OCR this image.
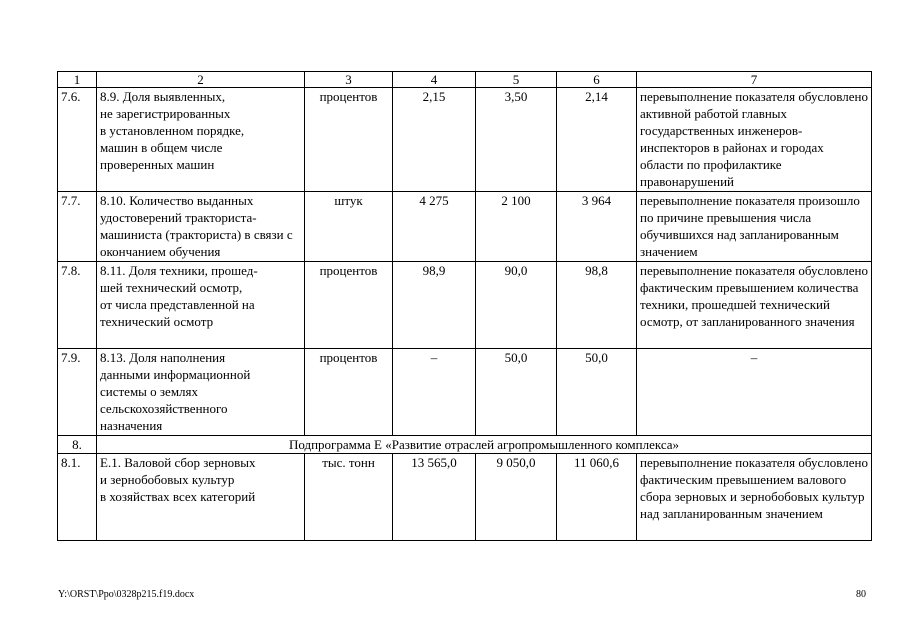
1	2	3	4	5	6	7
7.6.	8.9. Доля выявленных,
не зарегистрированных
в установленном порядке,
машин в общем числе
проверенных машин	процентов	2,15	3,50	2,14	перевыполнение показателя обусловлено активной работой главных государственных инженеров-инспекторов в районах и городах области по профилактике правонарушений
7.7.	8.10. Количество выданных удостоверений тракториста-машиниста (тракториста) в связи с окончанием обучения	штук	4 275	2 100	3 964	перевыполнение показателя произошло по причине превышения числа обучившихся над запланированным значением
7.8.	8.11. Доля техники, прошед-
шей технический осмотр,
от числа представленной на
технический осмотр	процентов	98,9	90,0	98,8	перевыполнение показателя обусловлено фактическим превышением количества техники, прошедшей технический осмотр, от запланированного значения
7.9.	8.13. Доля наполнения
данными информационной
системы о землях
сельскохозяйственного
назначения	процентов	–	50,0	50,0	–
8.	Подпрограмма Е «Развитие отраслей агропромышленного комплекса»					
8.1.	Е.1. Валовой сбор зерновых
и зернобобовых культур
в хозяйствах всех категорий	тыс. тонн	13 565,0	9 050,0	11 060,6	перевыполнение показателя обусловлено фактическим превышением валового сбора зерновых и зернобобовых культур над запланированным значением
Y:\ORST\Ppo\0328p215.f19.docx	80
